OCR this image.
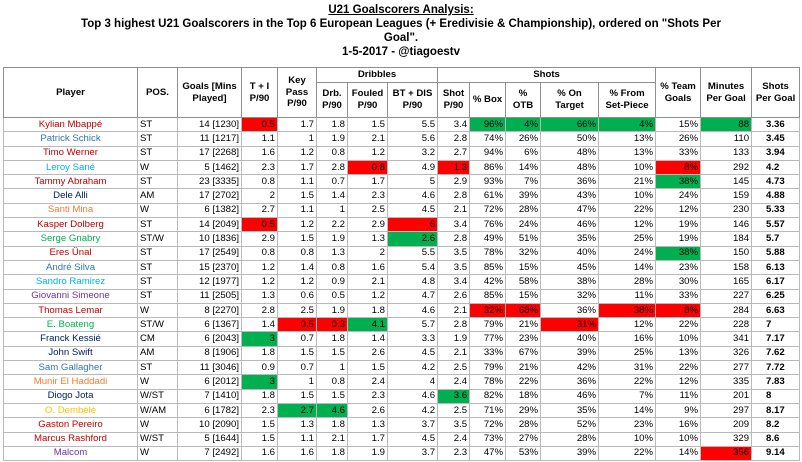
U21 Goalscorers Analysis:
Top 3 highest U21 Goalscorers in the Top 6 European Leagues (+ Eredivisie & Championship), ordered on "Shots Per
Goal".
1-5-2017 - @tiagoestv
Player	POS.	Goals [Mins Played]	T + I P/90	Key Pass P/90	Dribbles			Shots					% Team Goals	Minutes Per Goal	Shots Per Goal
					Drb. P/90	Fouled P/90	BT + DIS P/90	Shot P/90	% Box	% OTB	% On Target	% From Set-Piece			
Kylian Mbappé	ST	14 [1230]	0.5	1.7	1.8	1.5	5.5	3.4	96%	4%	66%	4%	15%	88	3.36
Patrick Schick	ST	11 [1217]	1.1	1	1.9	2.1	5.6	2.8	74%	26%	50%	13%	26%	110	3.45
Timo Werner	ST	17 [2268]	1.6	1.2	0.8	1.2	3.2	2.7	94%	6%	48%	13%	33%	133	3.94
Leroy Sané	W	5 [1462]	2.3	1.7	2.8	0.8	4.9	1.3	86%	14%	48%	10%	8%	292	4.2
Tammy Abraham	ST	23 [3335]	0.8	1.1	0.7	1.7	5	2.9	93%	7%	36%	21%	38%	145	4.73
Dele Alli	AM	17 [2702]	2	1.5	1.4	2.3	4.6	2.8	61%	39%	43%	10%	24%	159	4.88
Santi Mina	W	6 [1382]	2.7	1.1	1	2.5	4.5	2.1	72%	28%	47%	22%	12%	230	5.33
Kasper Dolberg	ST	14 [2049]	0.5	1.2	2.2	2.9	6	3.4	76%	24%	46%	12%	19%	146	5.57
Serge Gnabry	ST/W	10 [1836]	2.9	1.5	1.9	1.3	2.6	2.8	49%	51%	35%	25%	19%	184	5.7
Eres Ünal	ST	17 [2549]	0.8	0.8	1.3	2	5.5	3.5	78%	32%	40%	24%	38%	150	5.88
André Silva	ST	15 [2370]	1.2	1.4	0.8	1.6	5.4	3.5	85%	15%	45%	14%	23%	158	6.13
Sandro Ramirez	ST	12 [1977]	1.2	1.2	0.9	2.1	4.8	3.4	42%	58%	38%	28%	30%	165	6.17
Giovanni Simeone	ST	11 [2505]	1.3	0.6	0.5	1.2	4.7	2.6	85%	15%	32%	11%	33%	227	6.25
Thomas Lemar	W	8 [2270]	2.8	2.5	1.9	1.8	4.6	2.1	32%	68%	36%	38%	8%	284	6.63
E. Boateng	ST/W	6 [1367]	1.4	0.5	0.3	4.1	5.7	2.8	79%	21%	31%	12%	22%	228	7
Franck Kessié	CM	6 [2043]	3	0.7	1.8	1.4	3.3	1.9	77%	23%	40%	16%	10%	341	7.17
John Swift	AM	8 [1906]	1.8	1.5	1.5	2.6	4.5	2.1	33%	67%	39%	25%	13%	326	7.62
Sam Gallagher	ST	11 [3046]	0.9	0.7	1	1.5	4.2	2.5	79%	21%	42%	31%	22%	277	7.72
Munir El Haddadi	W	6 [2012]	3	1	0.8	2.4	4	2.4	78%	22%	36%	22%	12%	335	7.83
Diogo Jota	W/ST	7 [1410]	1.8	1.5	1.5	2.3	4.6	3.6	82%	18%	46%	7%	11%	201	8
O. Dembélé	W/AM	6 [1782]	2.3	2.7	4.6	2.6	4.2	2.5	71%	29%	35%	14%	9%	297	8.17
Gaston Pereiro	W	10 [2090]	1.5	1.3	1.8	1.3	3.7	3.5	72%	28%	52%	23%	16%	209	8.2
Marcus Rashford	W/ST	5 [1644]	1.5	1.1	2.1	1.7	4.5	2.4	73%	27%	28%	10%	10%	329	8.6
Malcom	W	7 [2492]	1.6	1.6	1.8	1.9	3.7	2.3	47%	53%	39%	22%	14%	356	9.14
